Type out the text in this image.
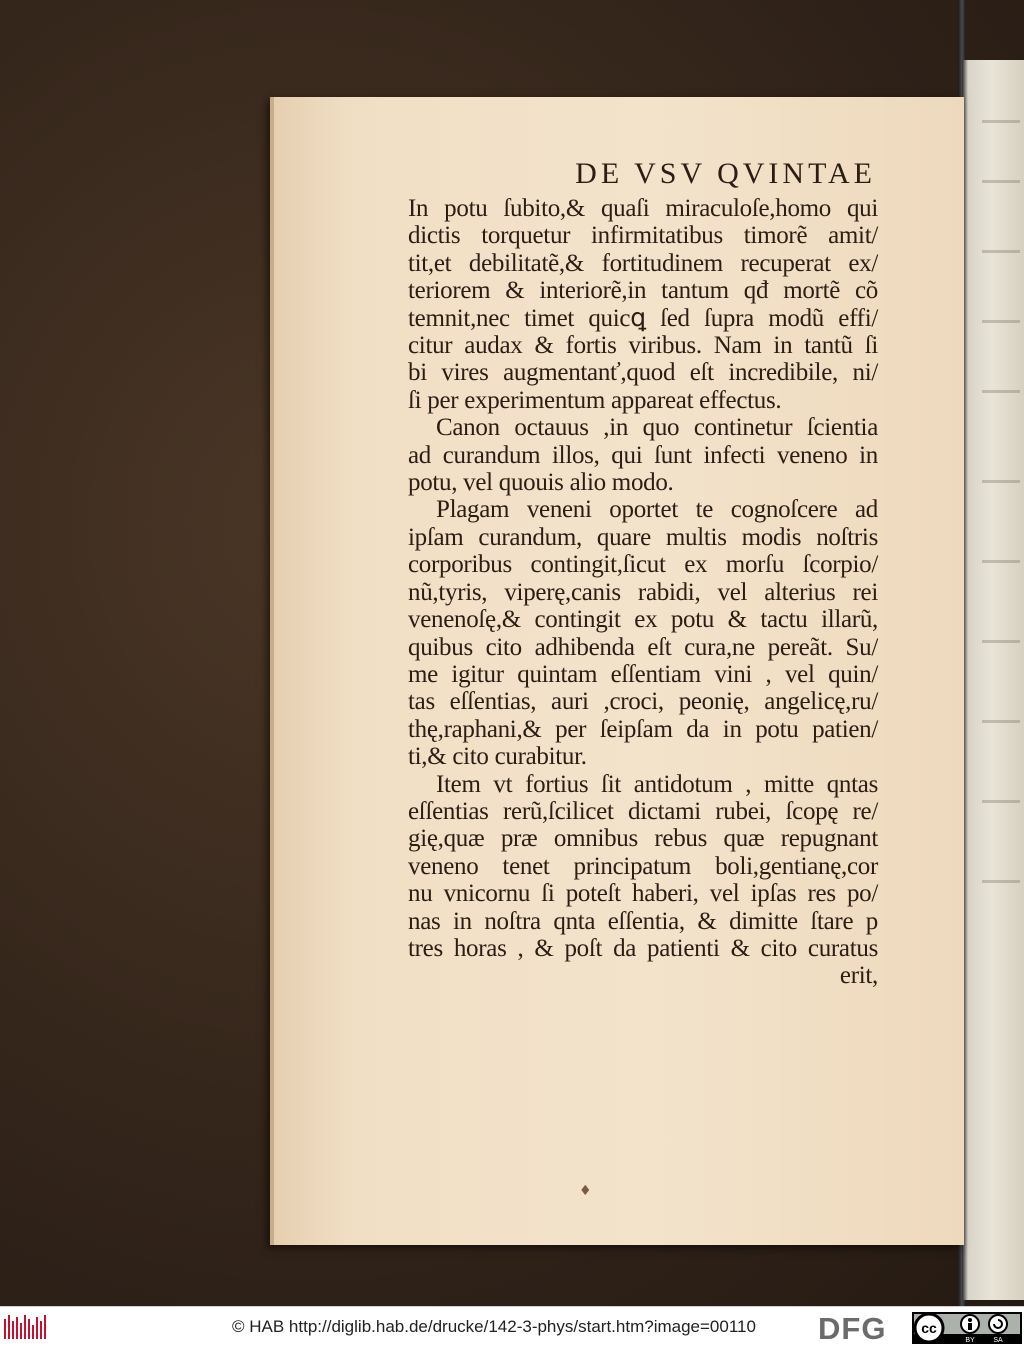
DE VSV QVINTAE
In potu ſubito,& quaſi miraculoſe,homo qui
dictis torquetur infirmitatibus timorẽ amit/
tit,et debilitatẽ,& fortitudinem recuperat ex/
teriorem & interiorẽ,in tantum qđ mortẽ cõ
temnit,nec timet quicꝗ ſed ſupra modũ effi/
citur audax & fortis viribus. Nam in tantũ ſi
bi vires augmentanť,quod eſt incredibile, ni/
ſi per experimentum appareat effectus.
Canon octauus ,in quo continetur ſcientia
ad curandum illos, qui ſunt infecti veneno in
potu, vel quouis alio modo.
Plagam veneni oportet te cognoſcere ad
ipſam curandum, quare multis modis noſtris
corporibus contingit,ſicut ex morſu ſcorpio/
nũ,tyris, viperę,canis rabidi, vel alterius rei
venenoſę,& contingit ex potu & tactu illarũ,
quibus cito adhibenda eſt cura,ne pereãt. Su/
me igitur quintam eſſentiam vini , vel quin/
tas eſſentias, auri ,croci, peonię, angelicę,ru/
thę,raphani,& per ſeipſam da in potu patien/
ti,& cito curabitur.
Item vt fortius ſit antidotum , mitte qntas
eſſentias rerũ,ſcilicet dictami rubei, ſcopę re/
gię,quæ præ omnibus rebus quæ repugnant
veneno tenet principatum boli,gentianę,cor
nu vnicornu ſi poteſt haberi, vel ipſas res po/
nas in noſtra qnta eſſentia, & dimitte ſtare p
tres horas , & poſt da patienti & cito curatus
erit,
♦
© HAB http://diglib.hab.de/drucke/142-3-phys/start.htm?image=00110 DFG cc
BY	SA
